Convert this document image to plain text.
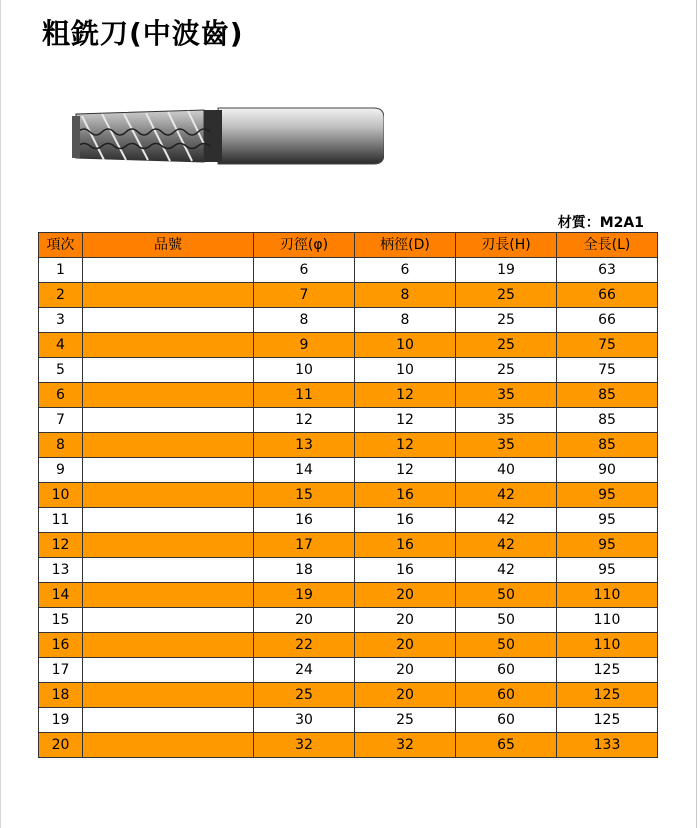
粗銑刀(中波齒)
材質：M2A1
項次	品號	刃徑(φ)	柄徑(D)	刃長(H)	全長(L)
1		6	6	19	63
2		7	8	25	66
3		8	8	25	66
4		9	10	25	75
5		10	10	25	75
6		11	12	35	85
7		12	12	35	85
8		13	12	35	85
9		14	12	40	90
10		15	16	42	95
11		16	16	42	95
12		17	16	42	95
13		18	16	42	95
14		19	20	50	110
15		20	20	50	110
16		22	20	50	110
17		24	20	60	125
18		25	20	60	125
19		30	25	60	125
20		32	32	65	133
